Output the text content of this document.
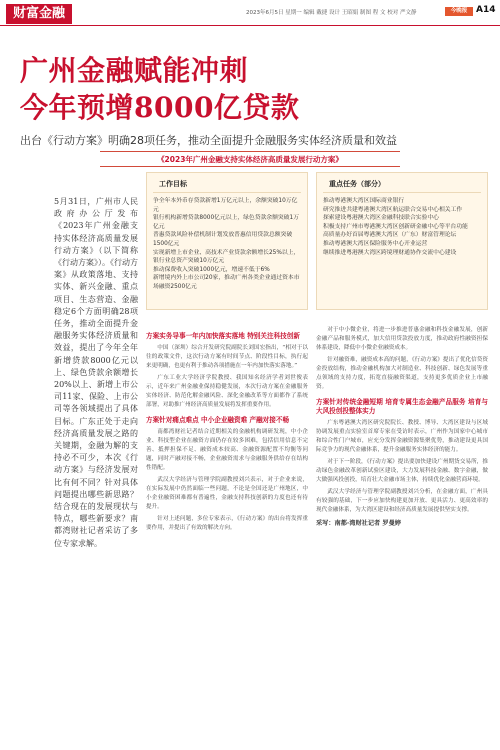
财富金融	2023年6月5日 星期一 编辑 戴捷 设计 王昭娟 制图 程 文 校对 严文静	今晚报 A14
广州金融赋能冲刺
今年预增8000亿贷款
出台《行动方案》明确28项任务，推动全面提升金融服务实体经济质量和效益
《2023年广州金融支持实体经济高质量发展行动方案》
5月31日，广州市人民政府办公厅发布《2023年广州金融支持实体经济高质量发展行动方案》（以下简称《行动方案》）。《行动方案》从政策落地、支持实体、新兴金融、重点项目、生态营造、金融稳定6个方面明确28项任务，推动全面提升金融服务实体经济质量和效益，提出了今年全年新增贷款8000亿元以上、绿色贷款余额增长20%以上、新增上市公司11家、保险、上市公司等各领域提出了具体目标。广东正处于走向经济高质量发展之路的关键期，金融为解的支持必不可少，本次《行动方案》与经济发展对比有何不同？针对具体问题提出哪些新思路？结合现在的发展现状与特点，哪些新要求？南都湾财社记者采访了多位专家求解。
工作目标
争全年本外币存贷款新增1万亿元以上，余额突破10万亿元
银行机构新增贷款8000亿元以上，绿色贷款余额突破1万亿元
普惠贷款风险补偿机制计划发放普惠信用贷款总额突破1500亿元
实现新增上市企业、高技术产业贷款余额增长25%以上，银行业总资产突破10万亿元
推动保费收入突破1000亿元，增速不低于6%
新增境内外上市公司20家，推动广州各类企业通过资本市场融资2500亿元
重点任务（部分）
推动粤港澳大湾区国际商业银行
研究推进共建粤港澳大湾区航运联合交易中心相关工作
探索建设粤港澳大湾区金融科技联合实验中心
积极支持广州市粤港澳大湾区创新研金融中心等平台功能
高质量办好首届粤港澳大湾区（广东）财富管理论坛
推动粤港澳大湾区保险服务中心开业运营
继续推进粤港澳大湾区跨境理财通协作交流中心建设
方案实务导事一年内加快落实落地 特别关注科技创新

中国（深圳）综合开发研究院副院长刘国宏指出，“相对于以往的政策文件，这次行动方案有时间节点、阶段性目标，执行起来更明确，也更有利于推动各项措施在一年内加快落实落地。”

广东工业大学经济学院教授、我国知名经济学者刘世俊表示，近年来广州金融业保持稳健发展，本次行动方案在金融服务实体经济、防范化解金融风险、深化金融改革等方面都作了系统部署，对助推广州经济高质量发展将发挥重要作用。

方案针对痛点难点 中小企业融资难 产融对接不畅

南都湾财社记者结合近期相关的金融机构调研发现，中小企业、科技型企业在融资方面仍存在较多困难，包括信用信息不完善、抵押担保不足、融资成本较高、金融资源配置不均衡等问题，同时产融对接不畅，企业融资需求与金融服务供给存在结构性错配。

武汉大学经济与管理学院副教授刘兴表示，对于企业来说，在实际发展中仍然面临一些问题，不论是全国还是广州地区，中小企业融资困难都有普遍性，金融支持科技创新的力度也还有待提升。

针对上述问题，多位专家表示，《行动方案》的出台将发挥重要作用，并提出了有效的解决方向。

对于中小微企业，将进一步推进普惠金融和科技金融发展，创新金融产品和服务模式，加大信用贷款投放力度，推动政府性融资担保体系建设，降低中小微企业融资成本。

针对融资难，融资成本高的问题，《行动方案》提出了优化信贷资金投放结构，推动金融机构加大对制造业、科技创新、绿色发展等重点领域的支持力度，拓宽直接融资渠道，支持更多优质企业上市融资。

方案针对传统金融短期 培育专属生态金融产品服务 培育与大风投创投整体实力

广东粤港澳大湾区研究院院长、教授、博导、大湾区建设与区域协调发展重点实验室首席专家在受访时表示，广州作为国家中心城市和综合性门户城市，应充分发挥金融资源集聚优势，推动建设更具国际竞争力的现代金融体系，提升金融服务实体经济的能力。

对于下一阶段，《行动方案》提出要加快建设广州期货交易所，推动绿色金融改革创新试验区建设，大力发展科技金融、数字金融，做大做强风投创投，培育壮大金融市场主体，持续优化金融营商环境。

武汉大学经济与管理学院副教授刘兴分析，在金融方面，广州具有较强的基础，下一步应加快构建更加开放、更具活力、更高效率的现代金融体系，为大湾区建设和经济高质量发展提供坚实支撑。

采写：南都·湾财社记者 罗曼婷
